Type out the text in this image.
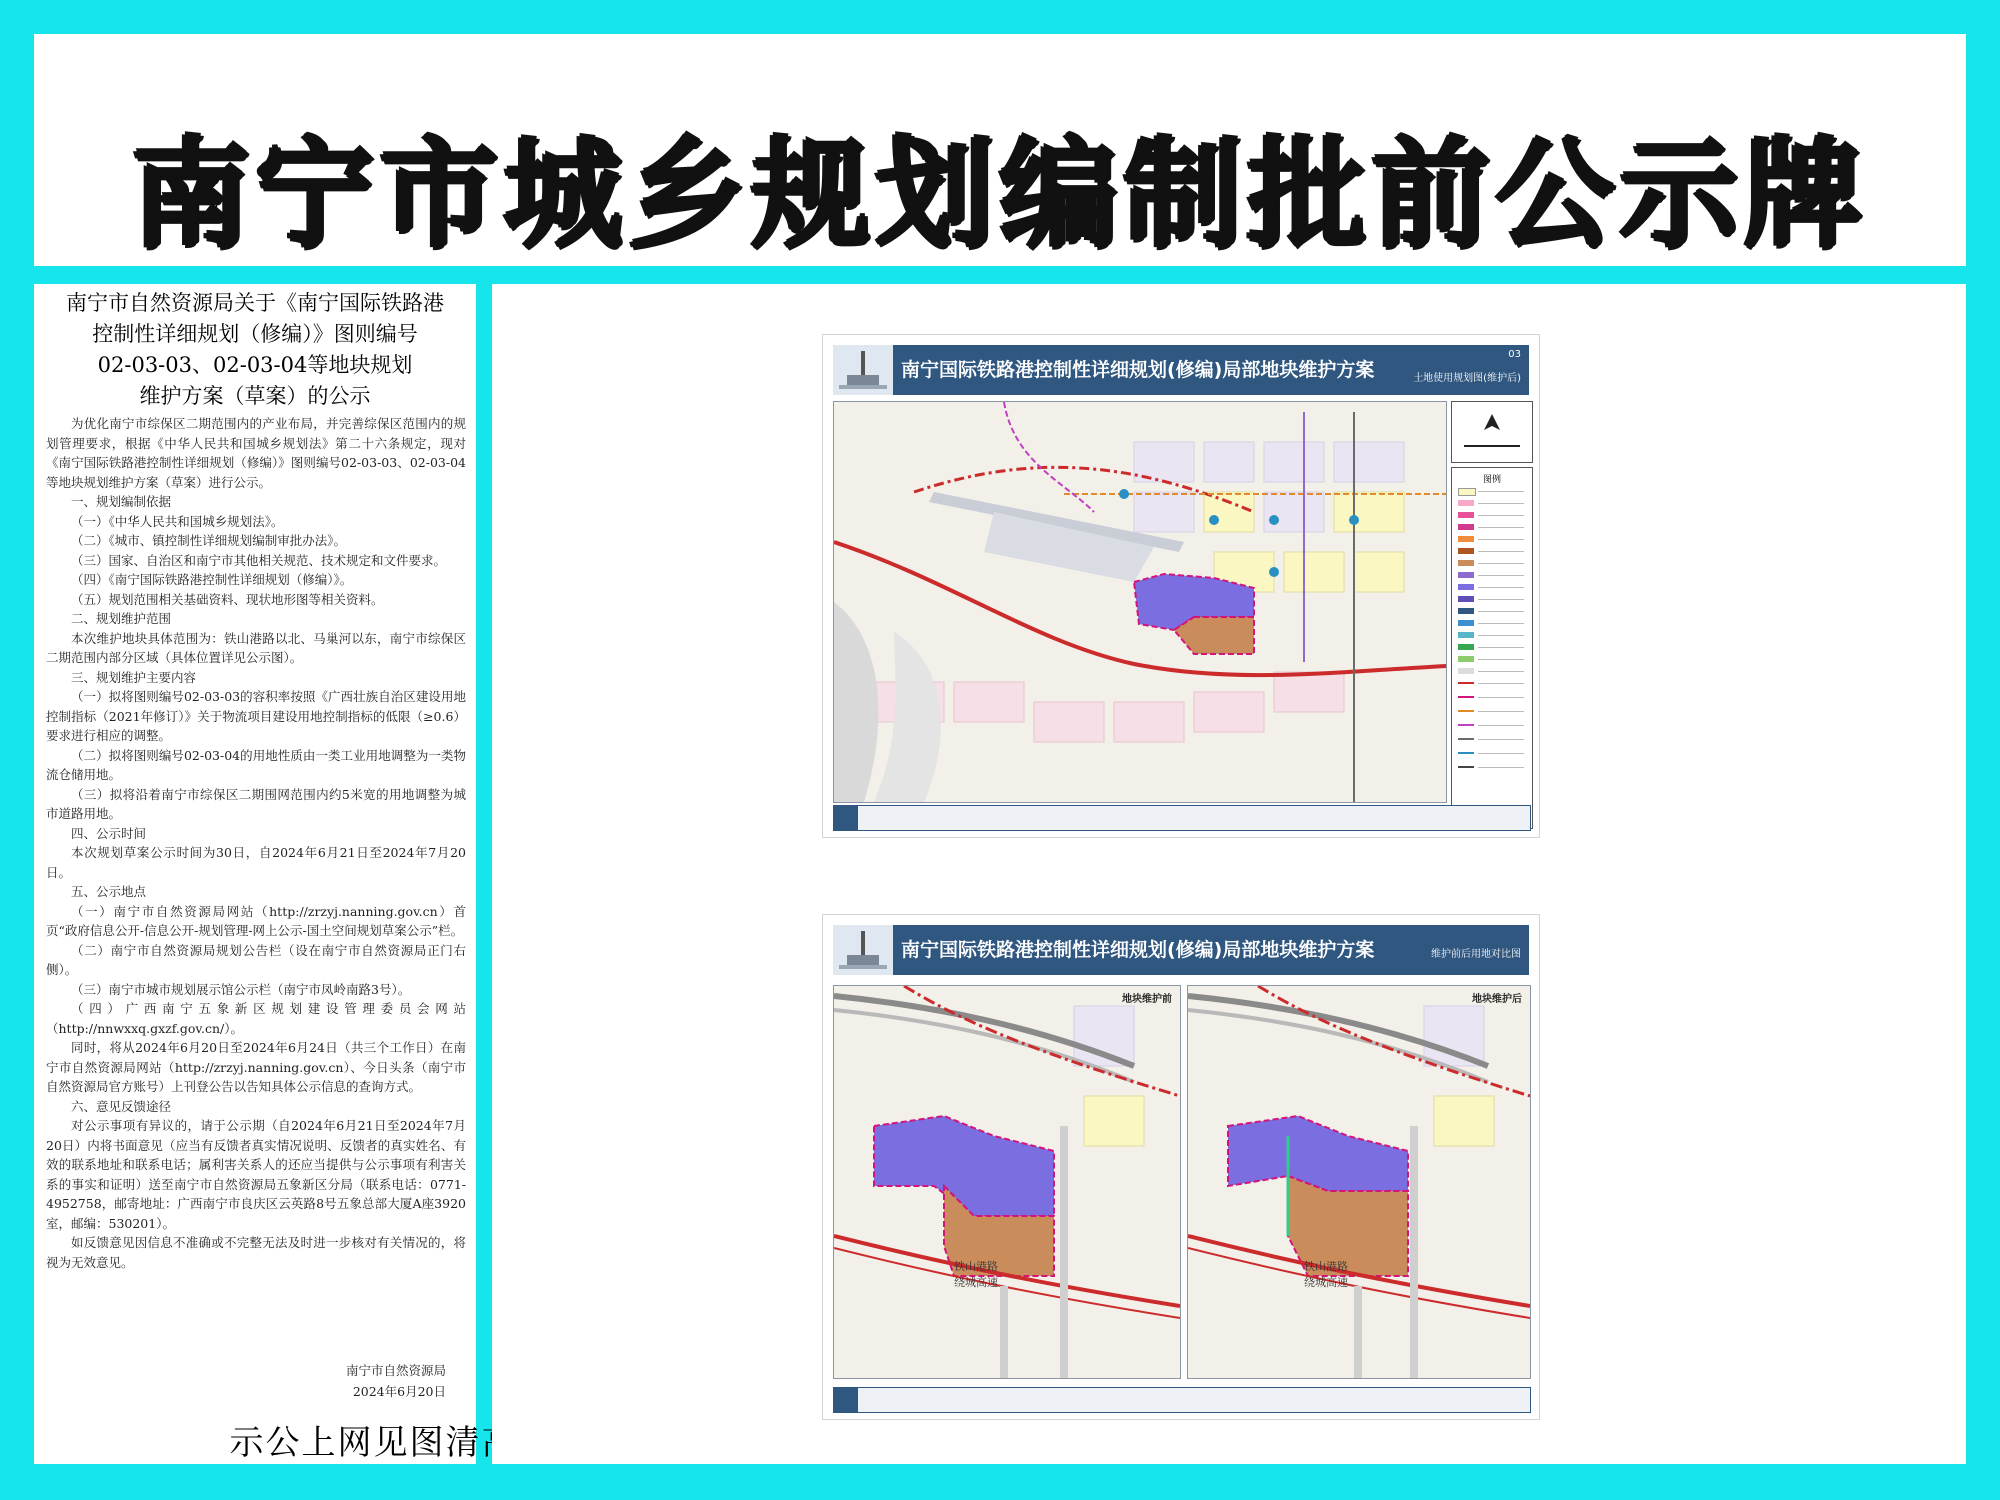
南宁市城乡规划编制批前公示牌
南宁市自然资源局关于《南宁国际铁路港
控制性详细规划（修编）》图则编号
02-03-03、02-03-04等地块规划
维护方案（草案）的公示

为优化南宁市综保区二期范围内的产业布局，并完善综保区范围内的规划管理要求，根据《中华人民共和国城乡规划法》第二十六条规定，现对《南宁国际铁路港控制性详细规划（修编）》图则编号02-03-03、02-03-04等地块规划维护方案（草案）进行公示。

一、规划编制依据

（一）《中华人民共和国城乡规划法》。

（二）《城市、镇控制性详细规划编制审批办法》。

（三）国家、自治区和南宁市其他相关规范、技术规定和文件要求。

（四）《南宁国际铁路港控制性详细规划（修编）》。

（五）规划范围相关基础资料、现状地形图等相关资料。

二、规划维护范围

本次维护地块具体范围为：铁山港路以北、马巢河以东，南宁市综保区二期范围内部分区域（具体位置详见公示图）。

三、规划维护主要内容

（一）拟将图则编号02-03-03的容积率按照《广西壮族自治区建设用地控制指标（2021年修订）》关于物流项目建设用地控制指标的低限（≥0.6）要求进行相应的调整。

（二）拟将图则编号02-03-04的用地性质由一类工业用地调整为一类物流仓储用地。

（三）拟将沿着南宁市综保区二期围网范围内约5米宽的用地调整为城市道路用地。

四、公示时间

本次规划草案公示时间为30日，自2024年6月21日至2024年7月20日。

五、公示地点

（一）南宁市自然资源局网站（http://zrzyj.nanning.gov.cn）首页“政府信息公开-信息公开-规划管理-网上公示-国土空间规划草案公示”栏。

（二）南宁市自然资源局规划公告栏（设在南宁市自然资源局正门右侧）。

（三）南宁市城市规划展示馆公示栏（南宁市凤岭南路3号）。

（四）广西南宁五象新区规划建设管理委员会网站（http://nnwxxq.gxzf.gov.cn/）。

同时，将从2024年6月20日至2024年6月24日（共三个工作日）在南宁市自然资源局网站（http://zrzyj.nanning.gov.cn）、今日头条（南宁市自然资源局官方账号）上刊登公告以告知具体公示信息的查询方式。

六、意见反馈途径

对公示事项有异议的，请于公示期（自2024年6月21日至2024年7月20日）内将书面意见（应当有反馈者真实情况说明、反馈者的真实姓名、有效的联系地址和联系电话；属利害关系人的还应当提供与公示事项有利害关系的事实和证明）送至南宁市自然资源局五象新区分局（联系电话：0771-4952758，邮寄地址：广西南宁市良庆区云英路8号五象总部大厦A座3920室，邮编：530201）。

如反馈意见因信息不准确或不完整无法及时进一步核对有关情况的，将视为无效意见。

南宁市自然资源局
2024年6月20日
清图见网上公示
南宁国际铁路港控制性详细规划(修编)局部地块维护方案
03
土地使用规划图(维护后)
图例
南宁国际铁路港控制性详细规划(修编)局部地块维护方案	维护前后用地对比图
地块维护前
铁山港路
绕城高速
地块维护后
铁山港路
绕城高速
